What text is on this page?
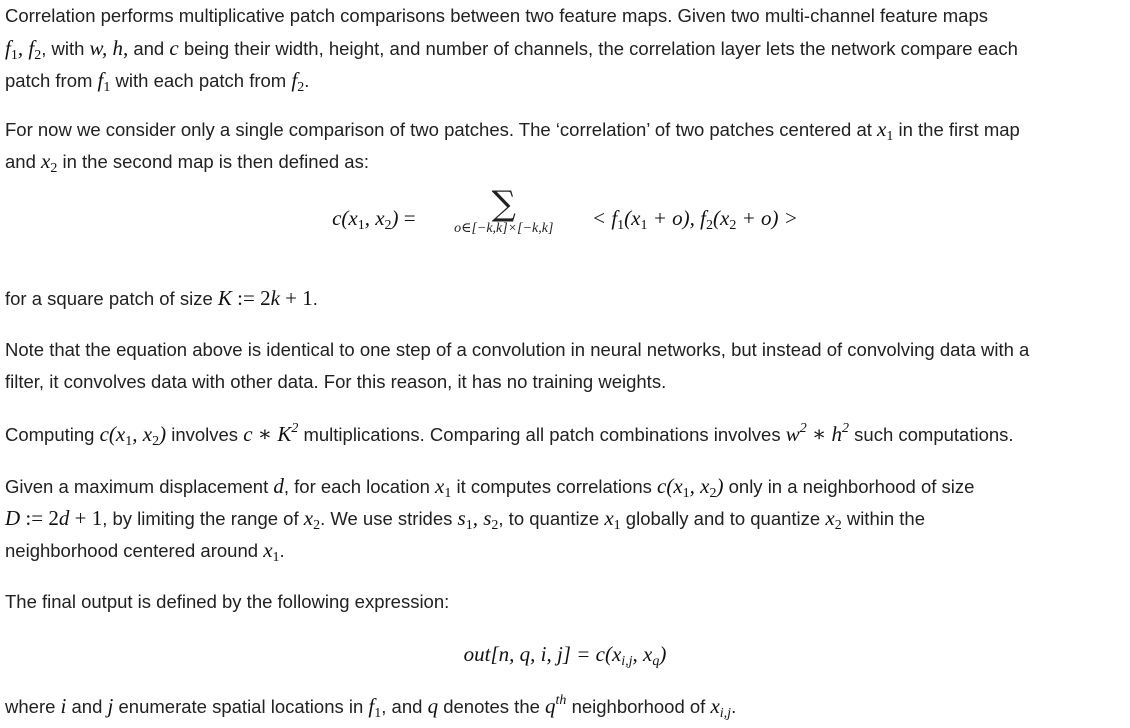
Correlation performs multiplicative patch comparisons between two feature maps. Given two multi-channel feature maps
$f_1$, $f_2$, with w, h, and c being their width, height, and number of channels, the correlation layer lets the network compare each
patch from $f_1$ with each patch from $f_2$.

For now we consider only a single comparison of two patches. The ‘correlation’ of two patches centered at $x_1$ in the first map
and $x_2$ in the second map is then defined as:

$c(x_1$, $x_2$) =	∑
o∈[−k,k]×[−k,k]	< $f_1(x_1 + o)$, $f_2(x_2 + o)$ >

for a square patch of size K := 2k + 1.

Note that the equation above is identical to one step of a convolution in neural networks, but instead of convolving data with a
filter, it convolves data with other data. For this reason, it has no training weights.

Computing $c(x_1$, $x_2$) involves c ∗ $K^2$ multiplications. Comparing all patch combinations involves $w^2$ ∗ $h^2$ such computations.

Given a maximum displacement d, for each location $x_1$ it computes correlations $c(x_1$, $x_2$) only in a neighborhood of size
D := 2d + 1, by limiting the range of $x_2$. We use strides $s_1$, $s_2$, to quantize $x_1$ globally and to quantize $x_2$ within the
neighborhood centered around $x_1$.

The final output is defined by the following expression:

out[n, q, i, $j] = c(x_{i,j}$, $x_q$)

where i and j enumerate spatial locations in $f_1$, and q denotes the $q^{th}$ neighborhood of $x_{i,j}$.
